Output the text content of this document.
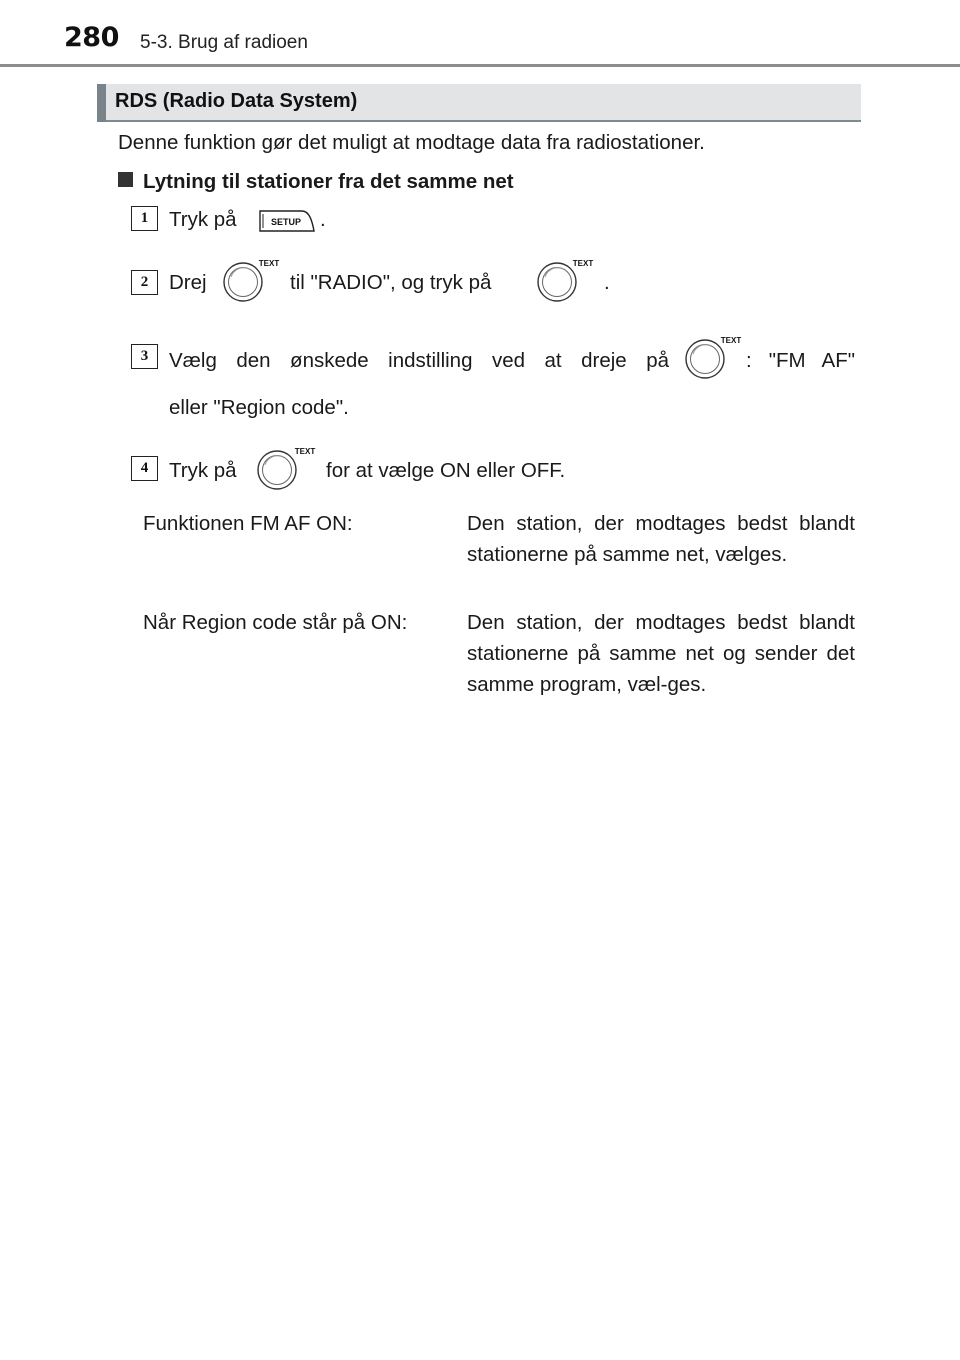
280 5-3. Brug af radioen
RDS (Radio Data System)
Denne funktion gør det muligt at modtage data fra radiostationer.
Lytning til stationer fra det samme net
1	Tryk på	SETUP .
2	Drej
TEXT
til "RADIO", og tryk på
TEXT
.
3	Vælg den ønskede indstilling ved at dreje på
TEXT
: "FM AF"
eller "Region code".
4	Tryk på
TEXT
for at vælge ON eller OFF.
Funktionen FM AF ON:	Den station, der modtages bedst blandt stationerne på samme net, vælges.
Når Region code står på ON:	Den station, der modtages bedst blandt stationerne på samme net og sender det samme program, væl-ges.
